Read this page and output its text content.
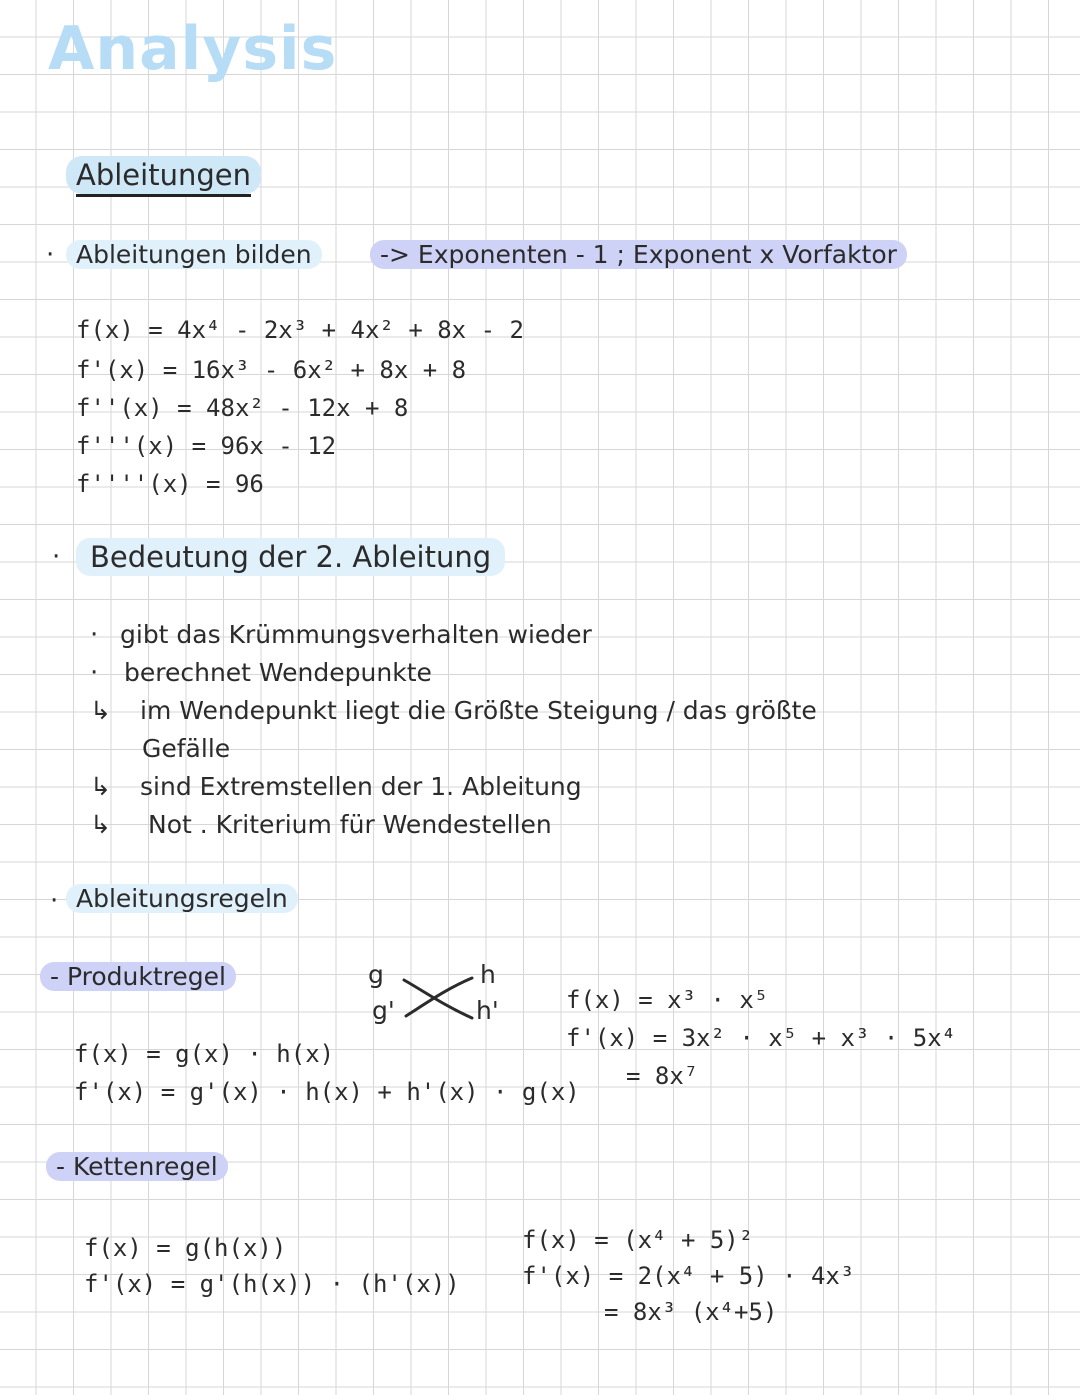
Analysis
Ableitungen
· Ableitungen bilden	-> Exponenten - 1 ; Exponent x Vorfaktor
f(x) = 4x⁴ - 2x³ + 4x² + 8x - 2
f'(x) = 16x³ - 6x² + 8x + 8
f''(x) = 48x² - 12x + 8
f'''(x) = 96x - 12
f''''(x) = 96
·	Bedeutung der 2. Ableitung
· gibt das Krümmungsverhalten wieder
· berechnet Wendepunkte
↳ im Wendepunkt liegt die Größte Steigung / das größte
Gefälle
↳ sind Extremstellen der 1. Ableitung
↳ Not . Kriterium für Wendestellen
· Ableitungsregeln
- Produktregel	g
g'
h
h'
f(x) = g(x) · h(x)
f'(x) = g'(x) · h(x) + h'(x) · g(x)
f(x) = x³ · x⁵
f'(x) = 3x² · x⁵ + x³ · 5x⁴
= 8x⁷
- Kettenregel
f(x) = g(h(x))
f'(x) = g'(h(x)) · (h'(x))
f(x) = (x⁴ + 5)²
f'(x) = 2(x⁴ + 5) · 4x³
= 8x³ (x⁴+5)
